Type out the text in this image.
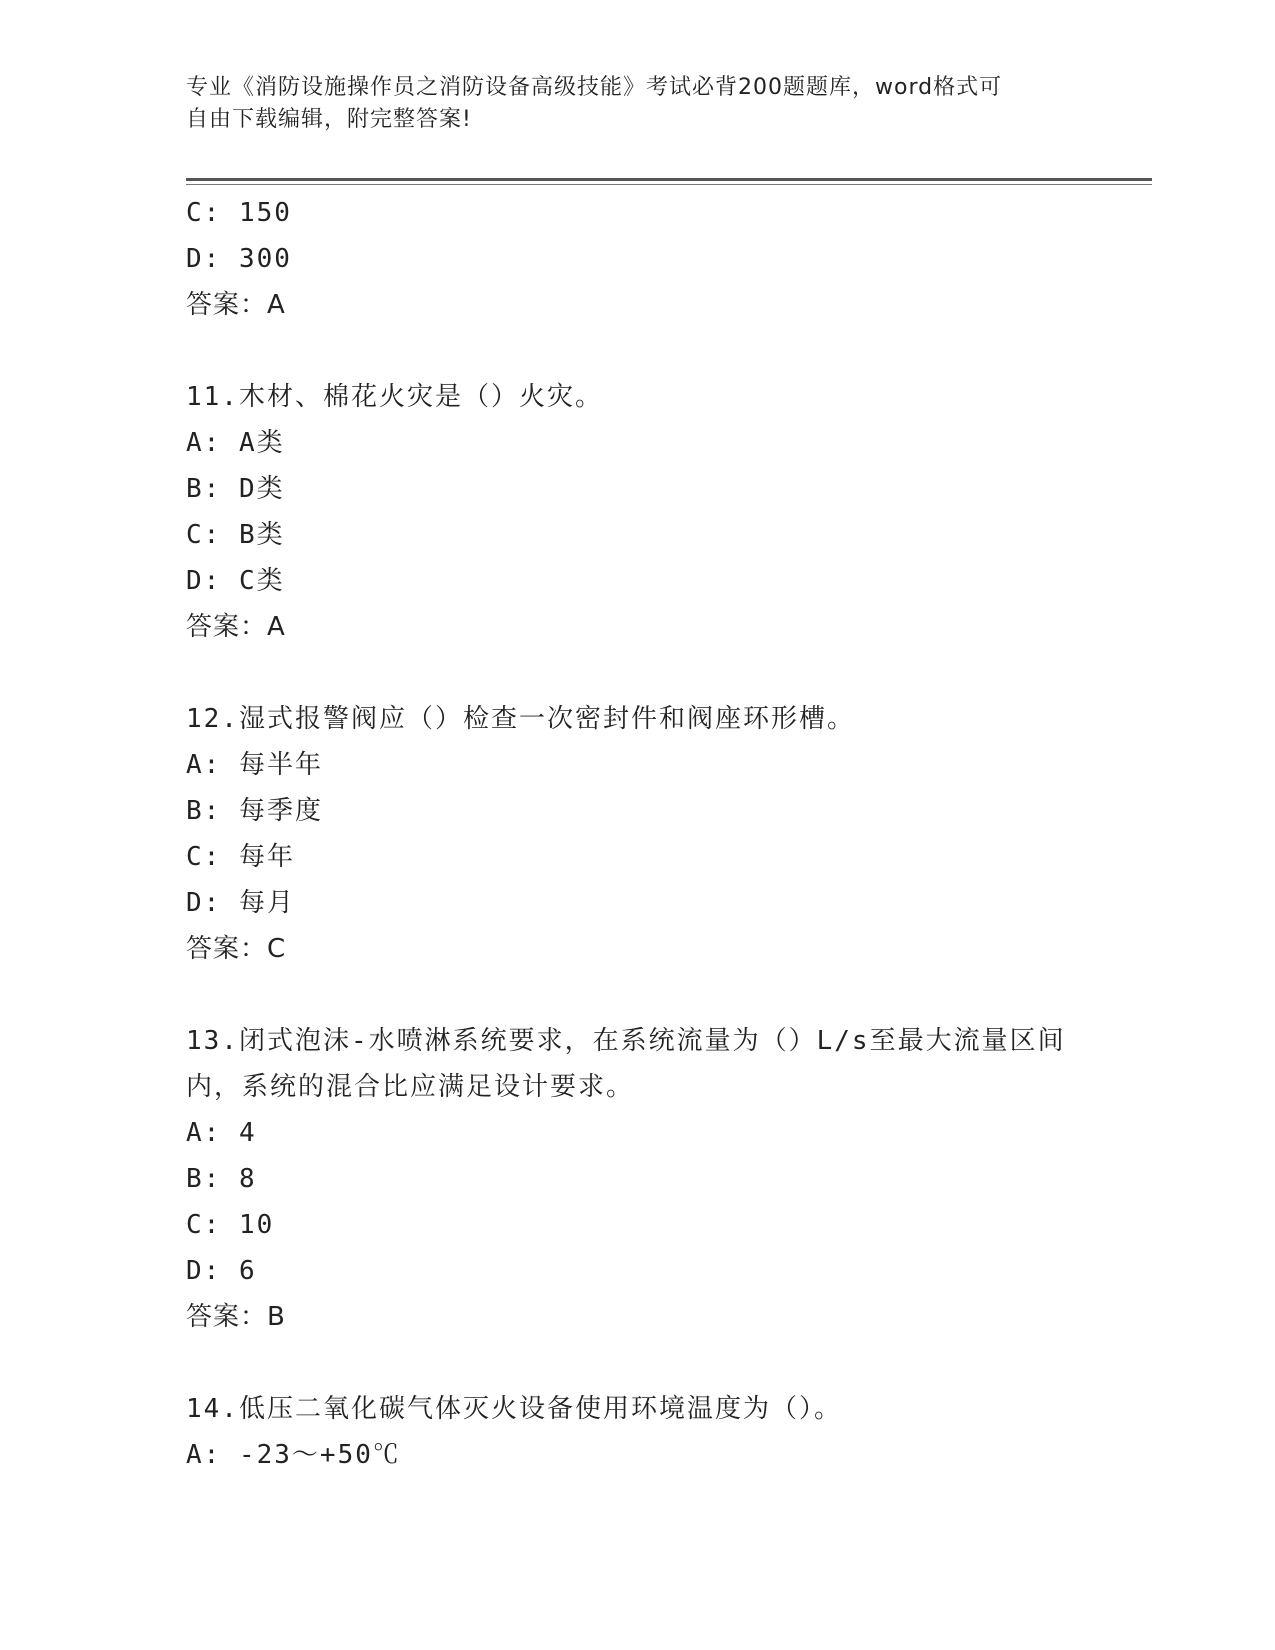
专业《消防设施操作员之消防设备高级技能》考试必背200题题库，word格式可
自由下载编辑，附完整答案!
C: 150
D: 300
答案：A
11.木材、棉花火灾是（）火灾。
A: A类
B: D类
C: B类
D: C类
答案：A
12.湿式报警阀应（）检查一次密封件和阀座环形槽。
A: 每半年
B: 每季度
C: 每年
D: 每月
答案：C
13.闭式泡沫-水喷淋系统要求，在系统流量为（）L/s至最大流量区间
内，系统的混合比应满足设计要求。
A: 4
B: 8
C: 10
D: 6
答案：B
14.低压二氧化碳气体灭火设备使用环境温度为（）。
A: -23～+50℃
